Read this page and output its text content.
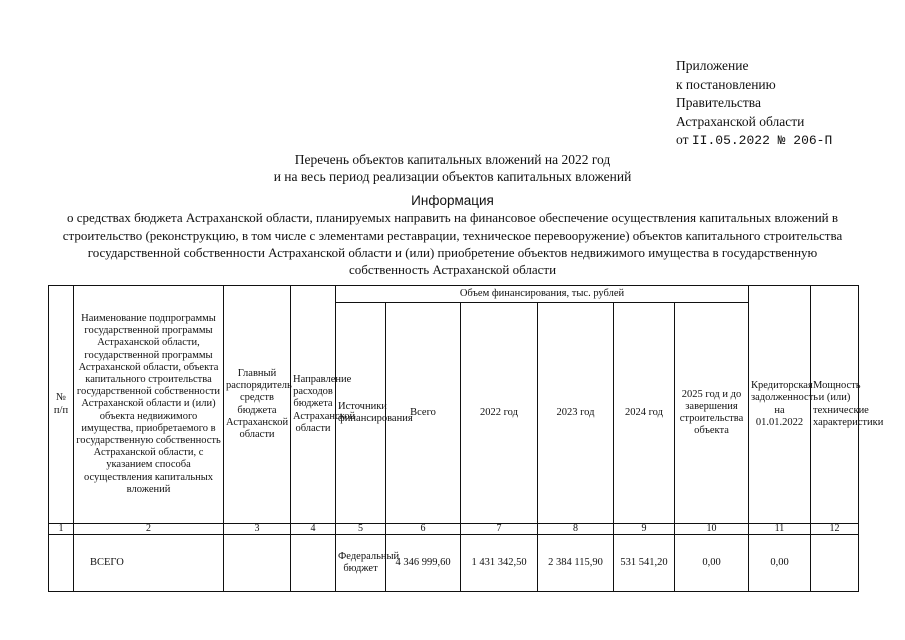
Приложение
к постановлению
Правительства
Астраханской области
от II.05.2022 № 206-П
Перечень объектов капитальных вложений на 2022 год
и на весь период реализации объектов капитальных вложений
Информация
о средствах бюджета Астраханской области, планируемых направить на финансовое обеспечение осуществления капитальных вложений в строительство (реконструкцию, в том числе с элементами реставрации, техническое перевооружение) объектов капитального строительства государственной собственности Астраханской области и (или) приобретение объектов недвижимого имущества в государственную собственность Астраханской области
№ п/п	Наименование подпрограммы государственной программы Астраханской области, государственной программы Астраханской области, объекта капитального строительства государственной собственности Астраханской области и (или) объекта недвижимого имущества, приобретаемого в государственную собственность Астраханской области, с указанием способа осуществления капитальных вложений	Главный распорядитель средств бюджета Астраханской области	Направление расходов бюджета Астраханской области	Объем финансирования, тыс. рублей						Кредиторская задолженность на 01.01.2022	Мощность и (или) технические характеристики
				Источники финансирования	Всего	2022 год	2023 год	2024 год	2025 год и до завершения строительства объекта		
1	2	3	4	5	6	7	8	9	10	11	12
	ВСЕГО			Федеральный бюджет	4 346 999,60	1 431 342,50	2 384 115,90	531 541,20	0,00	0,00	
